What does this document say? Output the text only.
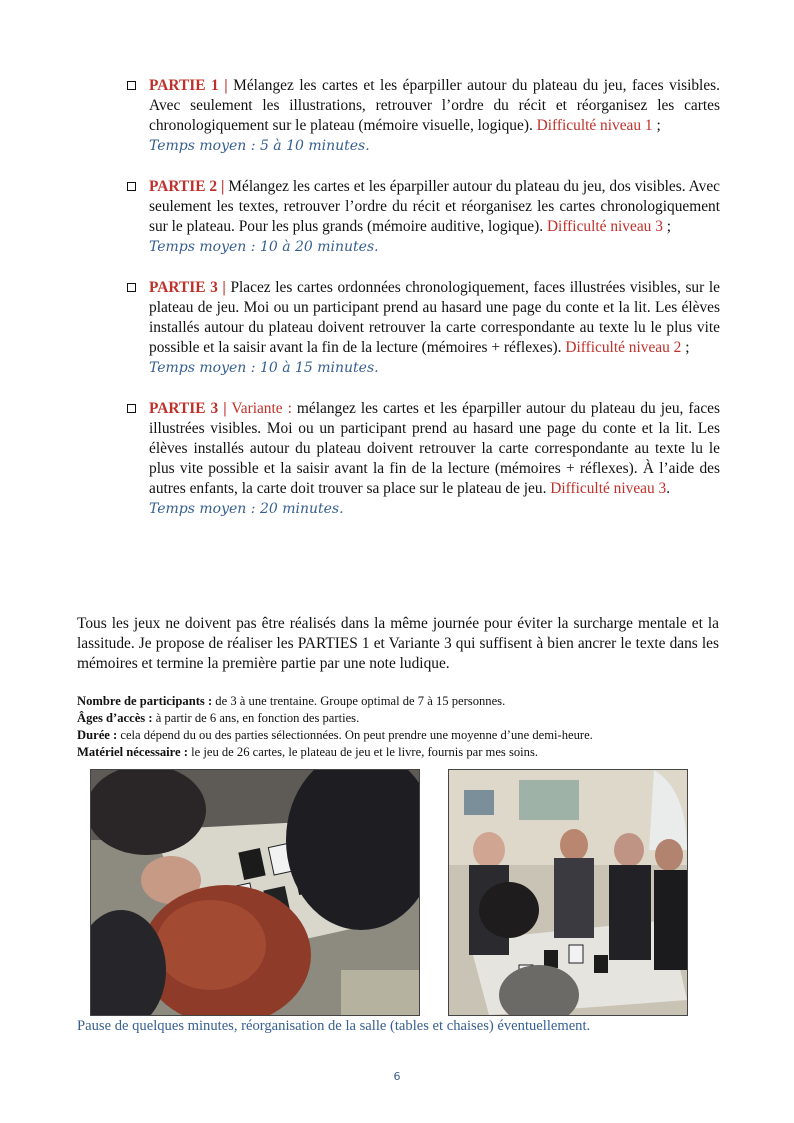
PARTIE 1 | Mélangez les cartes et les éparpiller autour du plateau du jeu, faces visibles. Avec seulement les illustrations, retrouver l’ordre du récit et réorganisez les cartes chronologiquement sur le plateau (mémoire visuelle, logique). Difficulté niveau 1 ;

Temps moyen : 5 à 10 minutes.

PARTIE 2 | Mélangez les cartes et les éparpiller autour du plateau du jeu, dos visibles. Avec seulement les textes, retrouver l’ordre du récit et réorganisez les cartes chronologiquement sur le plateau. Pour les plus grands (mémoire auditive, logique). Difficulté niveau 3 ;

Temps moyen : 10 à 20 minutes.

PARTIE 3 | Placez les cartes ordonnées chronologiquement, faces illustrées visibles, sur le plateau de jeu. Moi ou un participant prend au hasard une page du conte et la lit. Les élèves installés autour du plateau doivent retrouver la carte correspondante au texte lu le plus vite possible et la saisir avant la fin de la lecture (mémoires + réflexes). Difficulté niveau 2 ;

Temps moyen : 10 à 15 minutes.

PARTIE 3 | Variante : mélangez les cartes et les éparpiller autour du plateau du jeu, faces illustrées visibles. Moi ou un participant prend au hasard une page du conte et la lit. Les élèves installés autour du plateau doivent retrouver la carte correspondante au texte lu le plus vite possible et la saisir avant la fin de la lecture (mémoires + réflexes). À l’aide des autres enfants, la carte doit trouver sa place sur le plateau de jeu. Difficulté niveau 3.

Temps moyen : 20 minutes.

Tous les jeux ne doivent pas être réalisés dans la même journée pour éviter la surcharge mentale et la lassitude. Je propose de réaliser les PARTIES 1 et Variante 3 qui suffisent à bien ancrer le texte dans les mémoires et termine la première partie par une note ludique.

Nombre de participants : de 3 à une trentaine. Groupe optimal de 7 à 15 personnes.

Âges d’accès : à partir de 6 ans, en fonction des parties.

Durée : cela dépend du ou des parties sélectionnées. On peut prendre une moyenne d’une demi-heure.

Matériel nécessaire : le jeu de 26 cartes, le plateau de jeu et le livre, fournis par mes soins.

Pause de quelques minutes, réorganisation de la salle (tables et chaises) éventuellement.

6
